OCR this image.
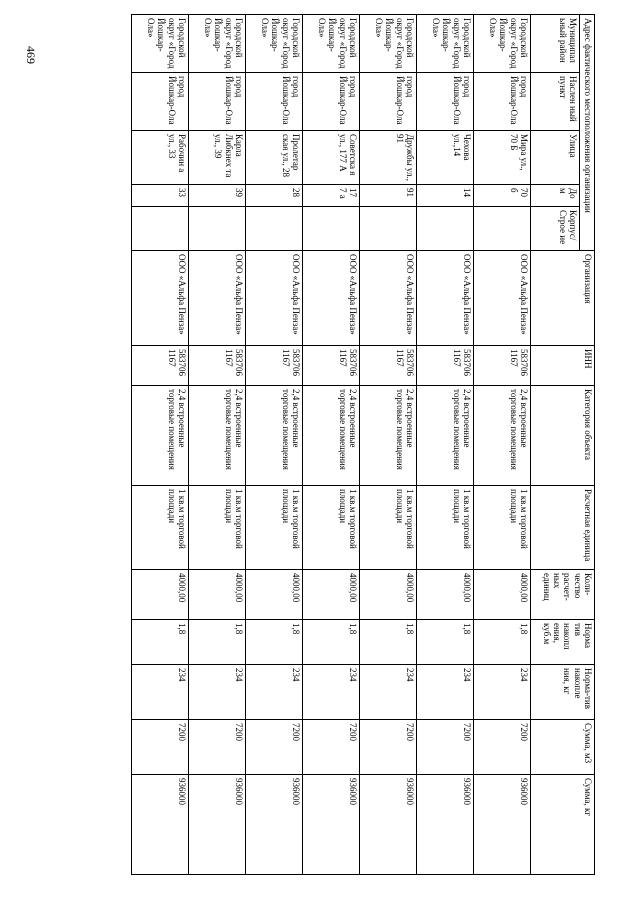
469	Адрес фактического местоположения организации					Организация	ИНН	Категория объекта	Расчетная единица	Коли-чество расчет-ных единиц	Норма тив накопл ения, куб.м	Норма-тив накопле ния, кг	Сумма, м3	Сумма, кг
Муниципал ьный район	Наслен ный пункт	Улица	До м	Корпус/ Строе ие									
Городской округ «Город Йошкар-Ола»	город Йошкар-Ола	Мира ул., 70 Б	70 б		ООО «Альфа Пенза»	583706 1167	2,4 встроенные торговые помещения	1 кв.м торговой площади	4000,00	1,8	234	7200	936000
Городской округ «Город Йошкар-Ола»	город Йошкар-Ола	Чехова ул.,14	14		ООО «Альфа Пенза»	583706 1167	2,4 встроенные торговые помещения	1 кв.м торговой площади	4000,00	1,8	234	7200	936000
Городской округ «Город Йошкар-Ола»	город Йошкар-Ола	Дружбы ул., 91	91		ООО «Альфа Пенза»	583706 1167	2,4 встроенные торговые помещения	1 кв.м торговой площади	4000,00	1,8	234	7200	936000
Городской округ «Город Йошкар-Ола»	город Йошкар-Ола	Советска я ул., 177 А	17 7 а		ООО «Альфа Пенза»	583706 1167	2,4 встроенные торговые помещения	1 кв.м торговой площади	4000,00	1,8	234	7200	936000
Городской округ «Город Йошкар-Ола»	город Йошкар-Ола	Пролетар ская ул., 28	28		ООО «Альфа Пенза»	583706 1167	2,4 встроенные торговые помещения	1 кв.м торговой площади	4000,00	1,8	234	7200	936000
Городской округ «Город Йошкар-Ола»	город Йошкар-Ола	Карла Либкнех та ул., 39	39		ООО «Альфа Пенза»	583706 1167	2,4 встроенные торговые помещения	1 кв.м торговой площади	4000,00	1,8	234	7200	936000
Городской округ «Город Йошкар-Ола»	город Йошкар-Ола	Рабочин а ул., 33	33		ООО «Альфа Пенза»	583706 1167	2,4 встроенные торговые помещения	1 кв.м торговой площади	4000,00	1,8	234	7200	936000
